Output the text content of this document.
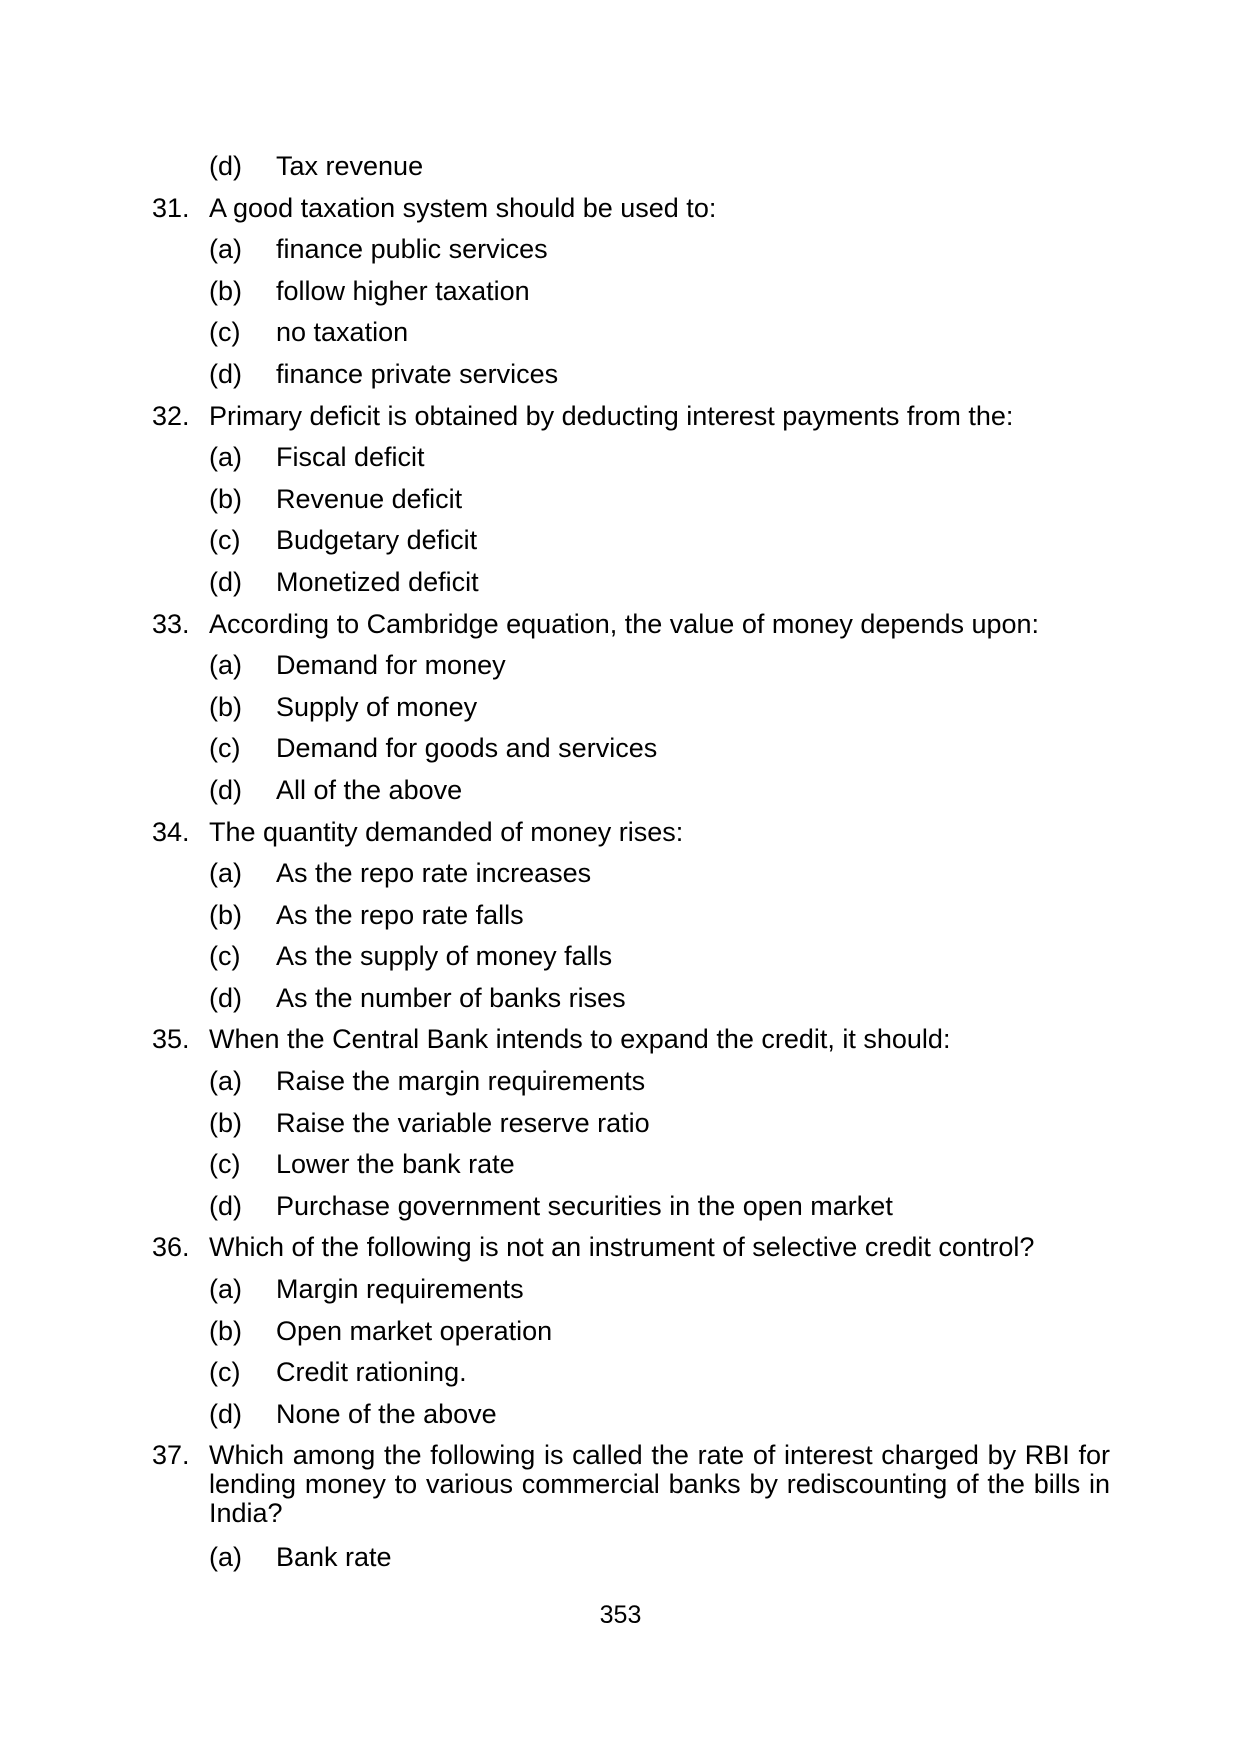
(d)	Tax revenue
31. A good taxation system should be used to:
(a)	finance public services
(b)	follow higher taxation
(c)	no taxation
(d)	finance private services
32. Primary deficit is obtained by deducting interest payments from the:
(a)	Fiscal deficit
(b)	Revenue deficit
(c)	Budgetary deficit
(d)	Monetized deficit
33. According to Cambridge equation, the value of money depends upon:
(a)	Demand for money
(b)	Supply of money
(c)	Demand for goods and services
(d)	All of the above
34. The quantity demanded of money rises:
(a)	As the repo rate increases
(b)	As the repo rate falls
(c)	As the supply of money falls
(d)	As the number of banks rises
35. When the Central Bank intends to expand the credit, it should:
(a)	Raise the margin requirements
(b)	Raise the variable reserve ratio
(c)	Lower the bank rate
(d)	Purchase government securities in the open market
36. Which of the following is not an instrument of selective credit control?
(a)	Margin requirements
(b)	Open market operation
(c)	Credit rationing.
(d)	None of the above
37. Which among the following is called the rate of interest charged by RBI for
lending money to various commercial banks by rediscounting of the bills in
India?
(a)	Bank rate
353
